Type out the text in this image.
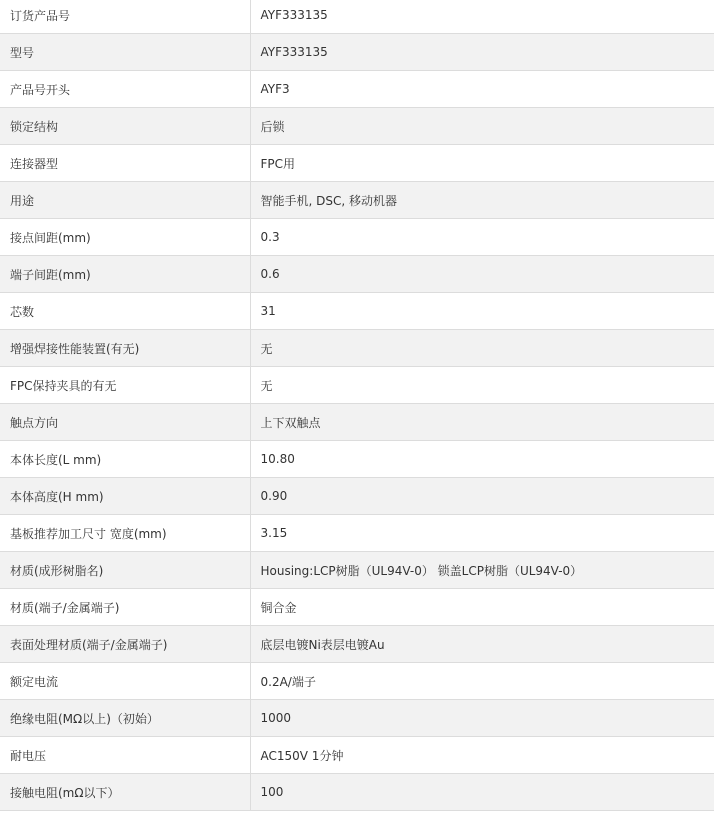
订货产品号	AYF333135
型号	AYF333135
产品号开头	AYF3
锁定结构	后锁
连接器型	FPC用
用途	智能手机, DSC, 移动机器
接点间距(mm)	0.3
端子间距(mm)	0.6
芯数	31
增强焊接性能装置(有无)	无
FPC保持夹具的有无	无
触点方向	上下双触点
本体长度(L mm)	10.80
本体高度(H mm)	0.90
基板推荐加工尺寸 宽度(mm)	3.15
材质(成形树脂名)	Housing:LCP树脂（UL94V-0） 锁盖LCP树脂（UL94V-0）
材质(端子/金属端子)	铜合金
表面处理材质(端子/金属端子)	底层电镀Ni表层电镀Au
额定电流	0.2A/端子
绝缘电阻(MΩ以上)（初始）	1000
耐电压	AC150V 1分钟
接触电阻(mΩ以下）	100
